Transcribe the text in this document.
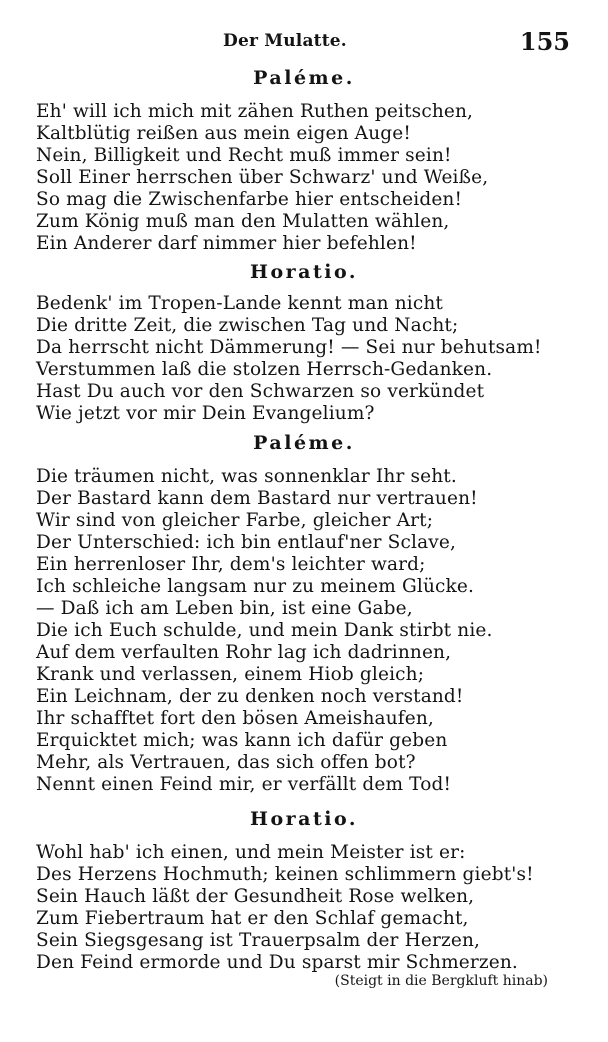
Der Mulatte.	155
Paléme.
Eh' will ich mich mit zähen Ruthen peitschen,
Kaltblütig reißen aus mein eigen Auge!
Nein, Billigkeit und Recht muß immer sein!
Soll Einer herrschen über Schwarz' und Weiße,
So mag die Zwischenfarbe hier entscheiden!
Zum König muß man den Mulatten wählen,
Ein Anderer darf nimmer hier befehlen!
Horatio.
Bedenk' im Tropen-Lande kennt man nicht
Die dritte Zeit, die zwischen Tag und Nacht;
Da herrscht nicht Dämmerung! — Sei nur behutsam!
Verstummen laß die stolzen Herrsch-Gedanken.
Hast Du auch vor den Schwarzen so verkündet
Wie jetzt vor mir Dein Evangelium?
Paléme.
Die träumen nicht, was sonnenklar Ihr seht.
Der Bastard kann dem Bastard nur vertrauen!
Wir sind von gleicher Farbe, gleicher Art;
Der Unterschied: ich bin entlauf'ner Sclave,
Ein herrenloser Ihr, dem's leichter ward;
Ich schleiche langsam nur zu meinem Glücke.
— Daß ich am Leben bin, ist eine Gabe,
Die ich Euch schulde, und mein Dank stirbt nie.
Auf dem verfaulten Rohr lag ich dadrinnen,
Krank und verlassen, einem Hiob gleich;
Ein Leichnam, der zu denken noch verstand!
Ihr schafftet fort den bösen Ameishaufen,
Erquicktet mich; was kann ich dafür geben
Mehr, als Vertrauen, das sich offen bot?
Nennt einen Feind mir, er verfällt dem Tod!
Horatio.
Wohl hab' ich einen, und mein Meister ist er:
Des Herzens Hochmuth; keinen schlimmern giebt's!
Sein Hauch läßt der Gesundheit Rose welken,
Zum Fiebertraum hat er den Schlaf gemacht,
Sein Siegsgesang ist Trauerpsalm der Herzen,
Den Feind ermorde und Du sparst mir Schmerzen.
(Steigt in die Bergkluft hinab)
